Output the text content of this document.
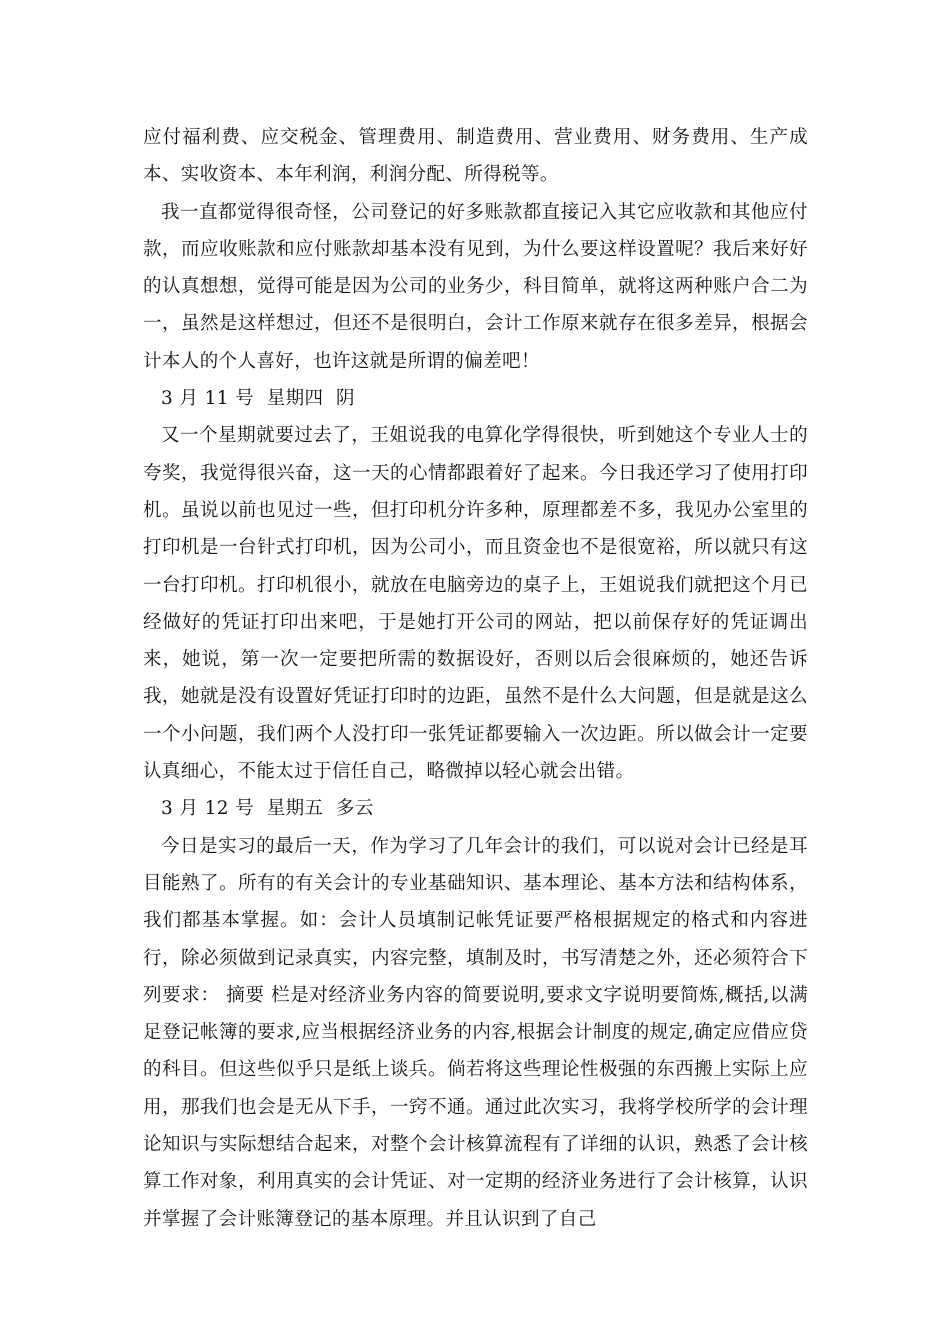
应付福利费、应交税金、管理费用、制造费用、营业费用、财务费用、生产成本、实收资本、本年利润，利润分配、所得税等。

我一直都觉得很奇怪，公司登记的好多账款都直接记入其它应收款和其他应付款，而应收账款和应付账款却基本没有见到，为什么要这样设置呢？我后来好好的认真想想，觉得可能是因为公司的业务少，科目简单，就将这两种账户合二为一，虽然是这样想过，但还不是很明白，会计工作原来就存在很多差异，根据会计本人的个人喜好，也许这就是所谓的偏差吧！

3 月 11 号  星期四  阴

又一个星期就要过去了，王姐说我的电算化学得很快，听到她这个专业人士的夸奖，我觉得很兴奋，这一天的心情都跟着好了起来。今日我还学习了使用打印机。虽说以前也见过一些，但打印机分许多种，原理都差不多，我见办公室里的打印机是一台针式打印机，因为公司小，而且资金也不是很宽裕，所以就只有这一台打印机。打印机很小，就放在电脑旁边的桌子上，王姐说我们就把这个月已经做好的凭证打印出来吧，于是她打开公司的网站，把以前保存好的凭证调出来，她说，第一次一定要把所需的数据设好，否则以后会很麻烦的，她还告诉我，她就是没有设置好凭证打印时的边距，虽然不是什么大问题，但是就是这么一个小问题，我们两个人没打印一张凭证都要输入一次边距。所以做会计一定要认真细心，不能太过于信任自己，略微掉以轻心就会出错。

3 月 12 号  星期五  多云

今日是实习的最后一天，作为学习了几年会计的我们，可以说对会计已经是耳目能熟了。所有的有关会计的专业基础知识、基本理论、基本方法和结构体系，我们都基本掌握。如：会计人员填制记帐凭证要严格根据规定的格式和内容进行，除必须做到记录真实，内容完整，填制及时，书写清楚之外，还必须符合下列要求： 摘要 栏是对经济业务内容的简要说明,要求文字说明要简炼,概括,以满足登记帐簿的要求,应当根据经济业务的内容,根据会计制度的规定,确定应借应贷的科目。但这些似乎只是纸上谈兵。倘若将这些理论性极强的东西搬上实际上应用，那我们也会是无从下手，一窍不通。通过此次实习，我将学校所学的会计理论知识与实际想结合起来，对整个会计核算流程有了详细的认识，熟悉了会计核算工作对象，利用真实的会计凭证、对一定期的经济业务进行了会计核算，认识并掌握了会计账簿登记的基本原理。并且认识到了自己
